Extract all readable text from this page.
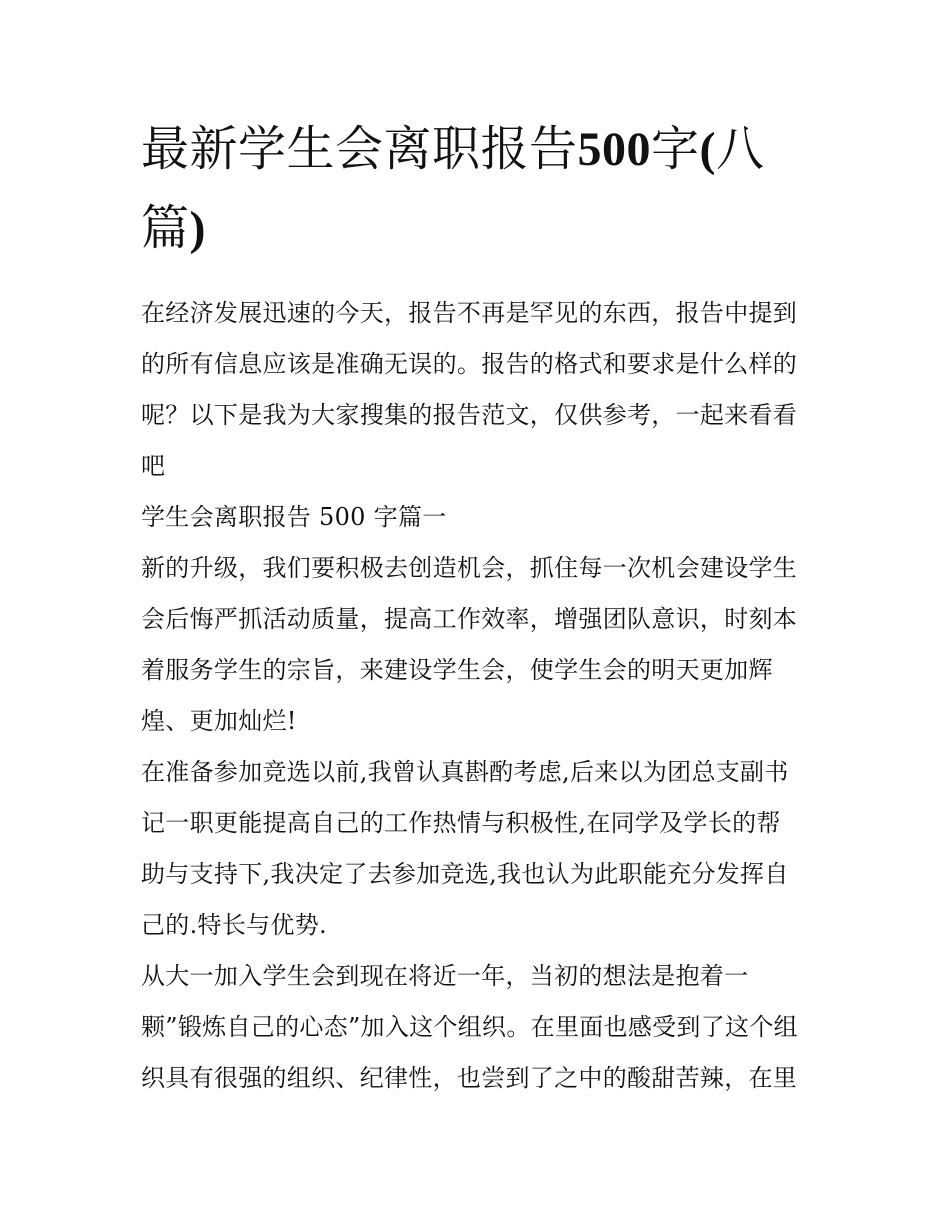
最新学生会离职报告500字(八
篇)
在经济发展迅速的今天，报告不再是罕见的东西，报告中提到
的所有信息应该是准确无误的。报告的格式和要求是什么样的
呢？以下是我为大家搜集的报告范文，仅供参考，一起来看看
吧
学生会离职报告 500 字篇一
新的升级，我们要积极去创造机会，抓住每一次机会建设学生
会后悔严抓活动质量，提高工作效率，增强团队意识，时刻本
着服务学生的宗旨，来建设学生会，使学生会的明天更加辉
煌、更加灿烂!
在准备参加竞选以前,我曾认真斟酌考虑,后来以为团总支副书
记一职更能提高自己的工作热情与积极性,在同学及学长的帮
助与支持下,我决定了去参加竞选,我也认为此职能充分发挥自
己的.特长与优势.
从大一加入学生会到现在将近一年，当初的想法是抱着一
颗”锻炼自己的心态”加入这个组织。在里面也感受到了这个组
织具有很强的组织、纪律性，也尝到了之中的酸甜苦辣，在里
